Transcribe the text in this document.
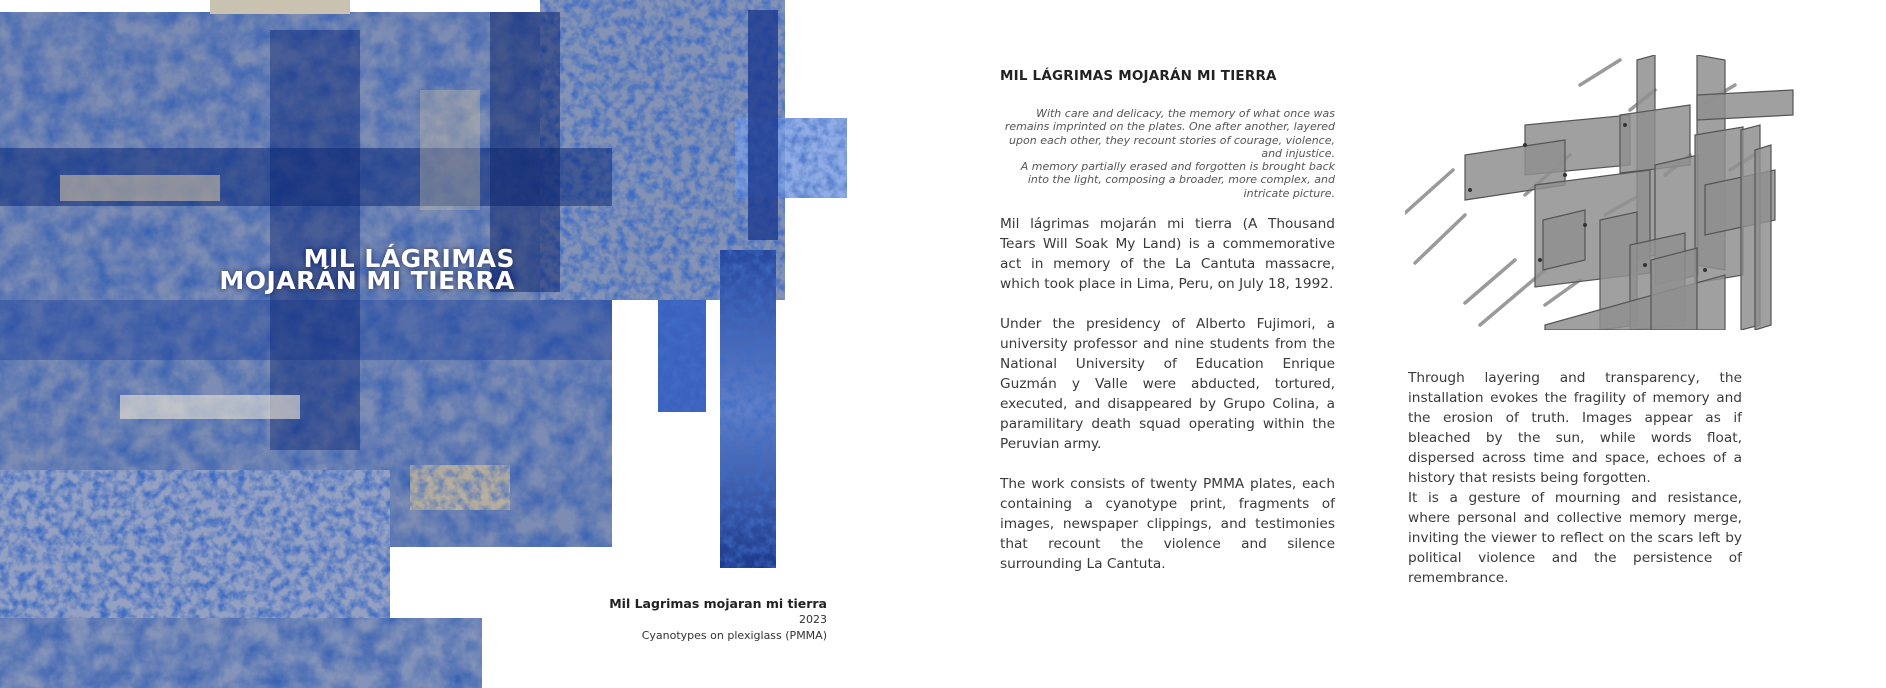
MIL LÁGRIMAS
MOJARÁN MI TIERRA
Mil Lagrimas mojaran mi tierra
2023
Cyanotypes on plexiglass (PMMA)
MIL LÁGRIMAS MOJARÁN MI TIERRA

With care and delicacy, the memory of what once was remains imprinted on the plates. One after another, layered upon each other, they recount stories of courage, violence, and injustice.

A memory partially erased and forgotten is brought back into the light, composing a broader, more complex, and intricate picture.

Mil lágrimas mojarán mi tierra (A Thousand Tears Will Soak My Land) is a commemorative act in memory of the La Cantuta massacre, which took place in Lima, Peru, on July 18, 1992.

Under the presidency of Alberto Fujimori, a university professor and nine students from the National University of Education Enrique Guzmán y Valle were abducted, tortured, executed, and disappeared by Grupo Colina, a paramilitary death squad operating within the Peruvian army.

The work consists of twenty PMMA plates, each containing a cyanotype print, fragments of images, newspaper clippings, and testimonies that recount the violence and silence surrounding La Cantuta.

Through layering and transparency, the installation evokes the fragility of memory and the erosion of truth. Images appear as if bleached by the sun, while words float, dispersed across time and space, echoes of a history that resists being forgotten.

It is a gesture of mourning and resistance, where personal and collective memory merge, inviting the viewer to reflect on the scars left by political violence and the persistence of remembrance.
